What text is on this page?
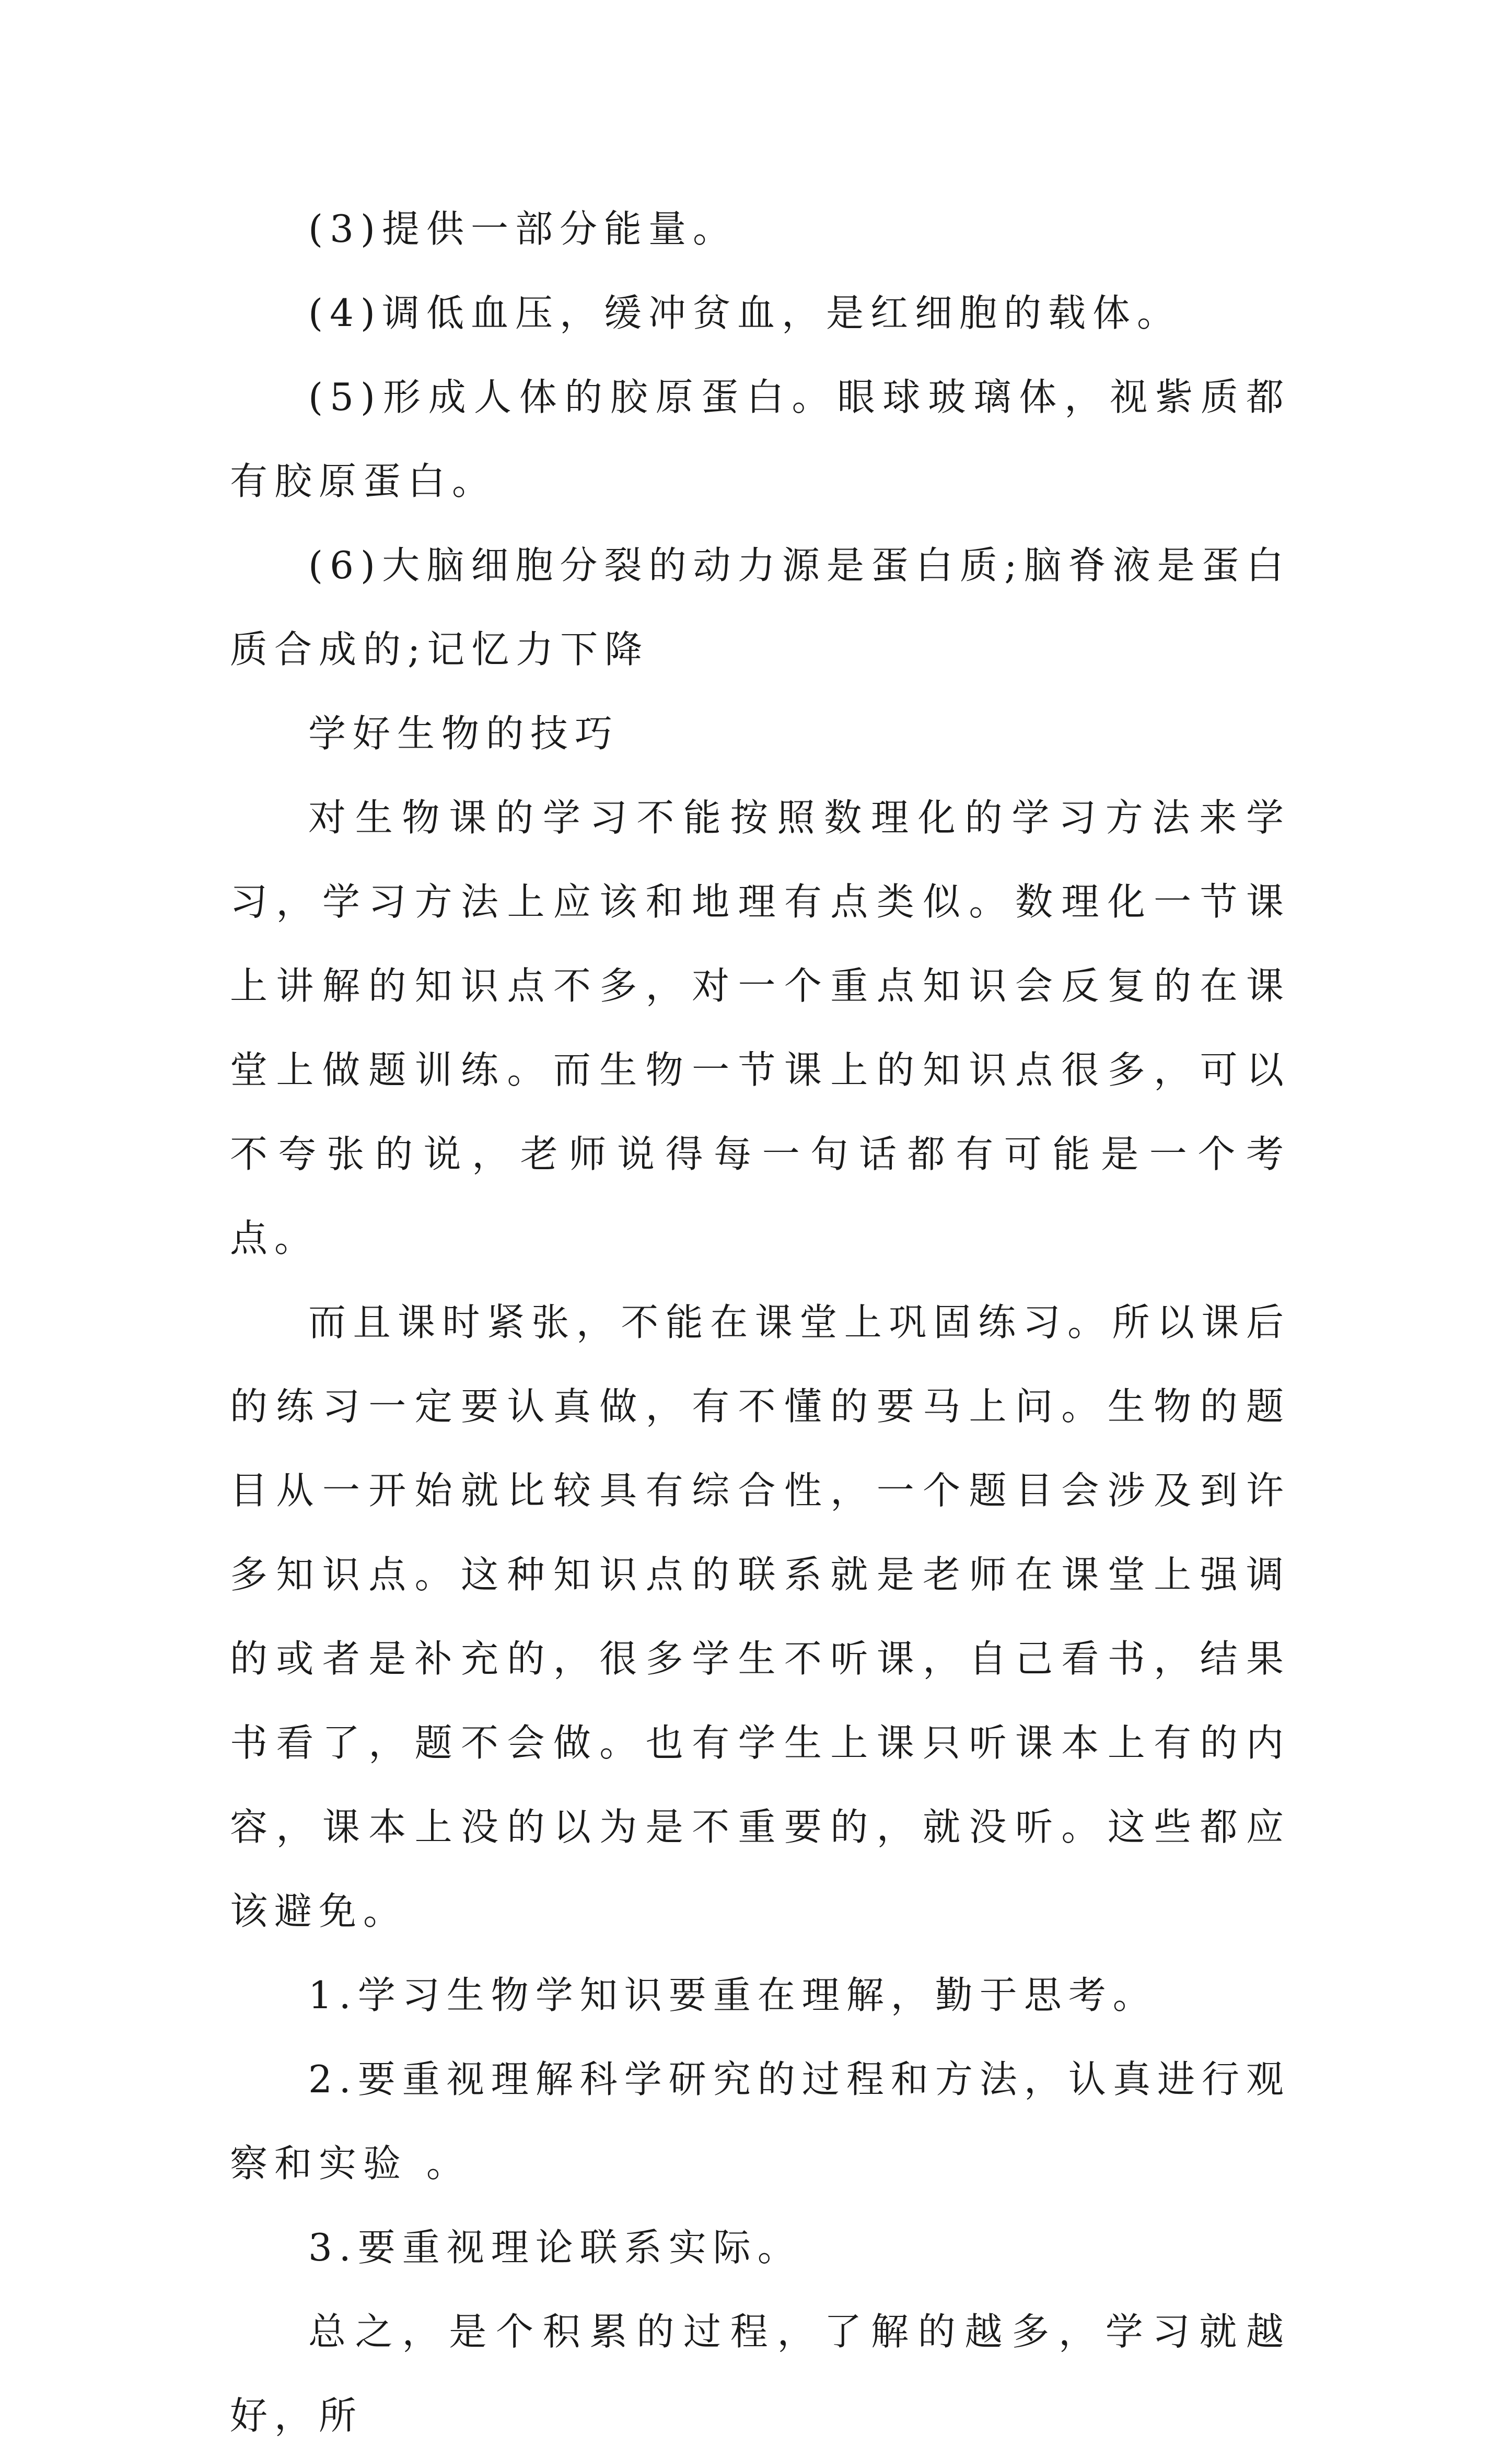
(3)提供一部分能量。

(4)调低血压，缓冲贫血，是红细胞的载体。

(5)形成人体的胶原蛋白。眼球玻璃体，视紫质都有胶原蛋白。

(6)大脑细胞分裂的动力源是蛋白质;脑脊液是蛋白质合成的;记忆力下降

学好生物的技巧

对生物课的学习不能按照数理化的学习方法来学习，学习方法上应该和地理有点类似。数理化一节课上讲解的知识点不多，对一个重点知识会反复的在课堂上做题训练。而生物一节课上的知识点很多，可以不夸张的说，老师说得每一句话都有可能是一个考点。

而且课时紧张，不能在课堂上巩固练习。所以课后的练习一定要认真做，有不懂的要马上问。生物的题目从一开始就比较具有综合性，一个题目会涉及到许多知识点。这种知识点的联系就是老师在课堂上强调的或者是补充的，很多学生不听课，自己看书，结果书看了，题不会做。也有学生上课只听课本上有的内容，课本上没的以为是不重要的，就没听。这些都应该避免。

1.学习生物学知识要重在理解，勤于思考。

2.要重视理解科学研究的过程和方法，认真进行观察和实验 。

3.要重视理论联系实际。

总之，是个积累的过程，了解的越多，学习就越好，所
